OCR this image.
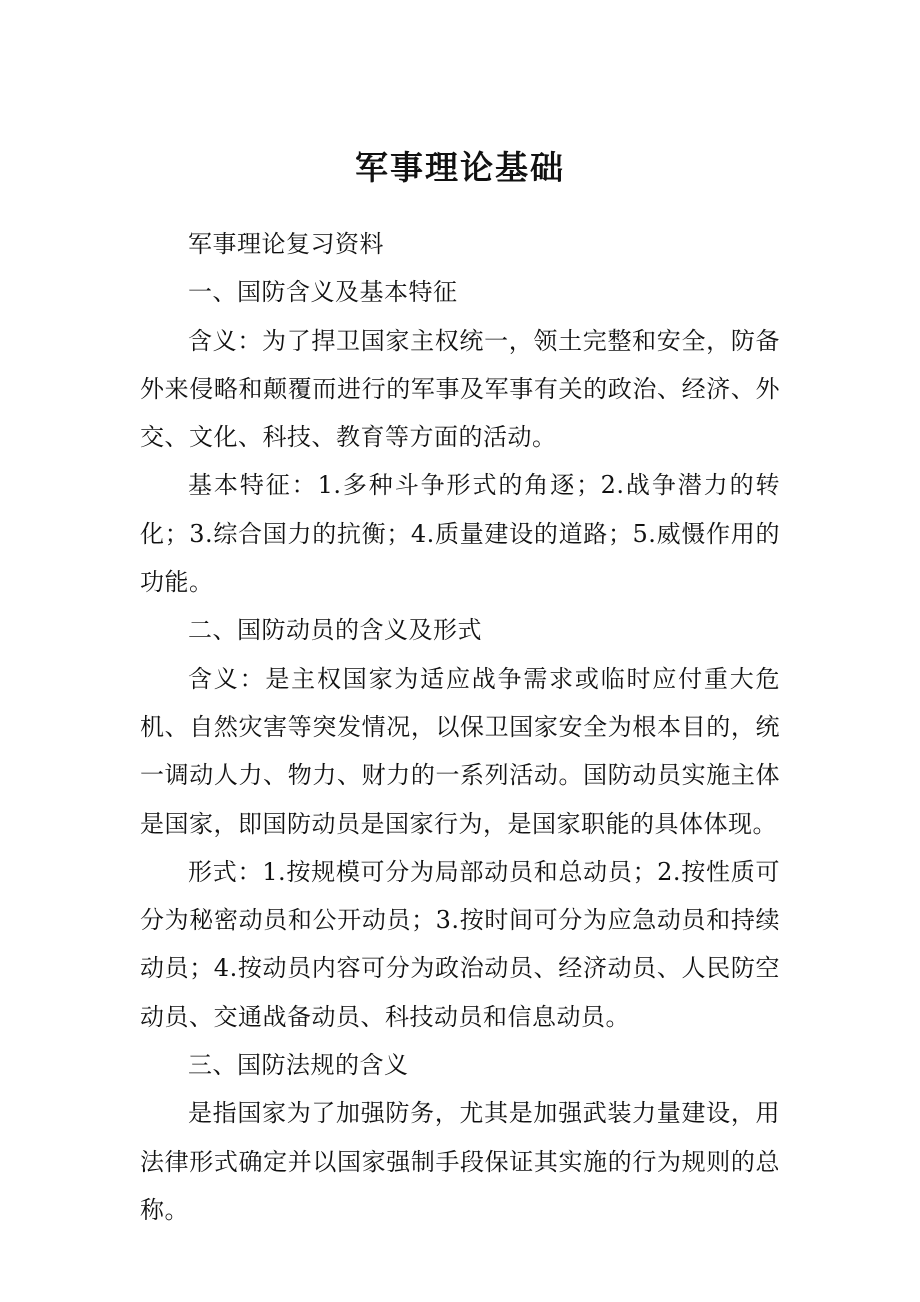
军事理论基础

军事理论复习资料

一、国防含义及基本特征

含义：为了捍卫国家主权统一，领土完整和安全，防备外来侵略和颠覆而进行的军事及军事有关的政治、经济、外交、文化、科技、教育等方面的活动。

基本特征：1.多种斗争形式的角逐；2.战争潜力的转化；3.综合国力的抗衡；4.质量建设的道路；5.威慑作用的功能。

二、国防动员的含义及形式

含义：是主权国家为适应战争需求或临时应付重大危机、自然灾害等突发情况，以保卫国家安全为根本目的，统一调动人力、物力、财力的一系列活动。国防动员实施主体是国家，即国防动员是国家行为，是国家职能的具体体现。

形式：1.按规模可分为局部动员和总动员；2.按性质可分为秘密动员和公开动员；3.按时间可分为应急动员和持续动员；4.按动员内容可分为政治动员、经济动员、人民防空动员、交通战备动员、科技动员和信息动员。

三、国防法规的含义

是指国家为了加强防务，尤其是加强武装力量建设，用法律形式确定并以国家强制手段保证其实施的行为规则的总称。
